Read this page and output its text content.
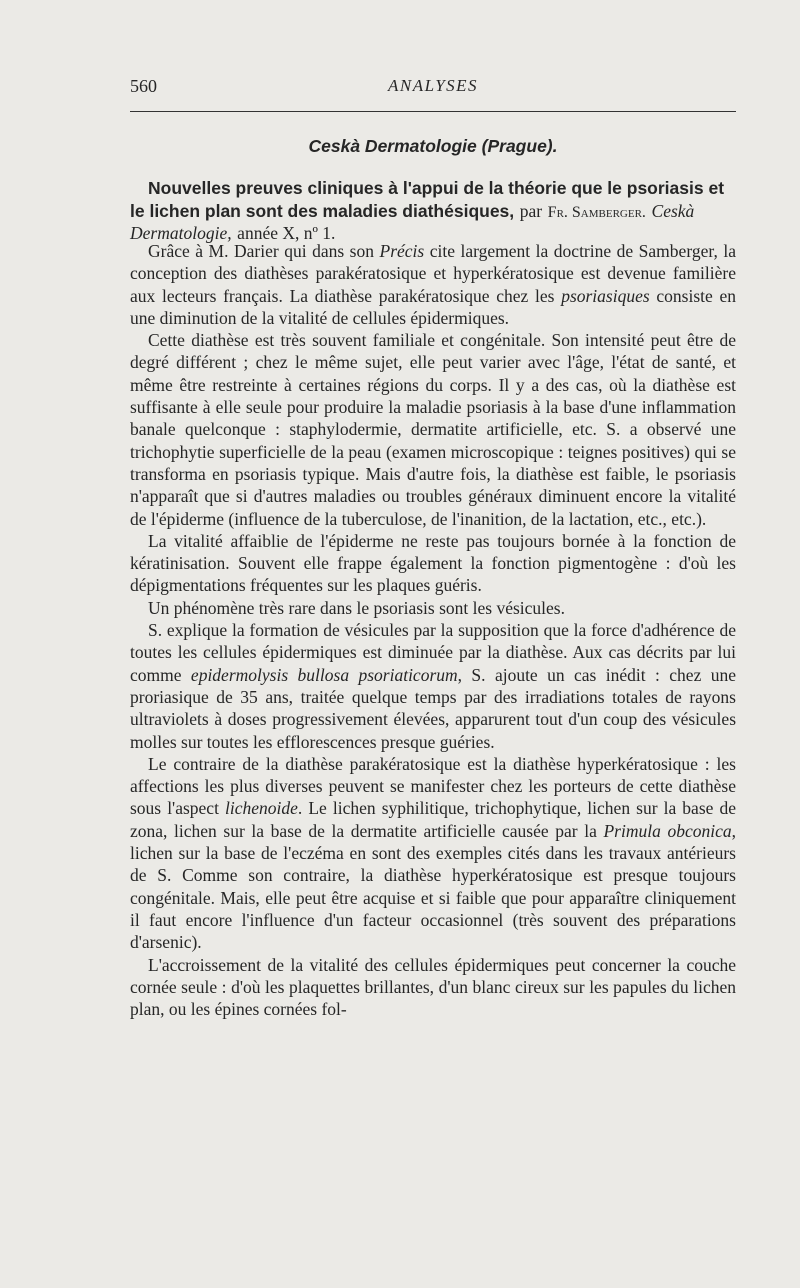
560	ANALYSES
Ceskà Dermatologie (Prague).
Nouvelles preuves cliniques à l'appui de la théorie que le psoriasis et le lichen plan sont des maladies diathésiques, par Fr. Samberger. Ceskà Dermatologie, année X, nº 1.

Grâce à M. Darier qui dans son Précis cite largement la doctrine de Samberger, la conception des diathèses parakératosique et hyperkératosique est devenue familière aux lecteurs français. La diathèse parakératosique chez les psoriasiques consiste en une diminution de la vitalité de cellules épidermiques.

Cette diathèse est très souvent familiale et congénitale. Son intensité peut être de degré différent ; chez le même sujet, elle peut varier avec l'âge, l'état de santé, et même être restreinte à certaines régions du corps. Il y a des cas, où la diathèse est suffisante à elle seule pour produire la maladie psoriasis à la base d'une inflammation banale quelconque : staphylodermie, dermatite artificielle, etc. S. a observé une trichophytie superficielle de la peau (examen microscopique : teignes positives) qui se transforma en psoriasis typique. Mais d'autre fois, la diathèse est faible, le psoriasis n'apparaît que si d'autres maladies ou troubles généraux diminuent encore la vitalité de l'épiderme (influence de la tuberculose, de l'inanition, de la lactation, etc., etc.).

La vitalité affaiblie de l'épiderme ne reste pas toujours bornée à la fonction de kératinisation. Souvent elle frappe également la fonction pigmentogène : d'où les dépigmentations fréquentes sur les plaques guéris.

Un phénomène très rare dans le psoriasis sont les vésicules.

S. explique la formation de vésicules par la supposition que la force d'adhérence de toutes les cellules épidermiques est diminuée par la diathèse. Aux cas décrits par lui comme epidermolysis bullosa psoriaticorum, S. ajoute un cas inédit : chez une proriasique de 35 ans, traitée quelque temps par des irradiations totales de rayons ultraviolets à doses progressivement élevées, apparurent tout d'un coup des vésicules molles sur toutes les efflorescences presque guéries.

Le contraire de la diathèse parakératosique est la diathèse hyperkératosique : les affections les plus diverses peuvent se manifester chez les porteurs de cette diathèse sous l'aspect lichenoide. Le lichen syphilitique, trichophytique, lichen sur la base de zona, lichen sur la base de la dermatite artificielle causée par la Primula obconica, lichen sur la base de l'eczéma en sont des exemples cités dans les travaux antérieurs de S. Comme son contraire, la diathèse hyperkératosique est presque toujours congénitale. Mais, elle peut être acquise et si faible que pour apparaître cliniquement il faut encore l'influence d'un facteur occasionnel (très souvent des préparations d'arsenic).

L'accroissement de la vitalité des cellules épidermiques peut concerner la couche cornée seule : d'où les plaquettes brillantes, d'un blanc cireux sur les papules du lichen plan, ou les épines cornées fol-
